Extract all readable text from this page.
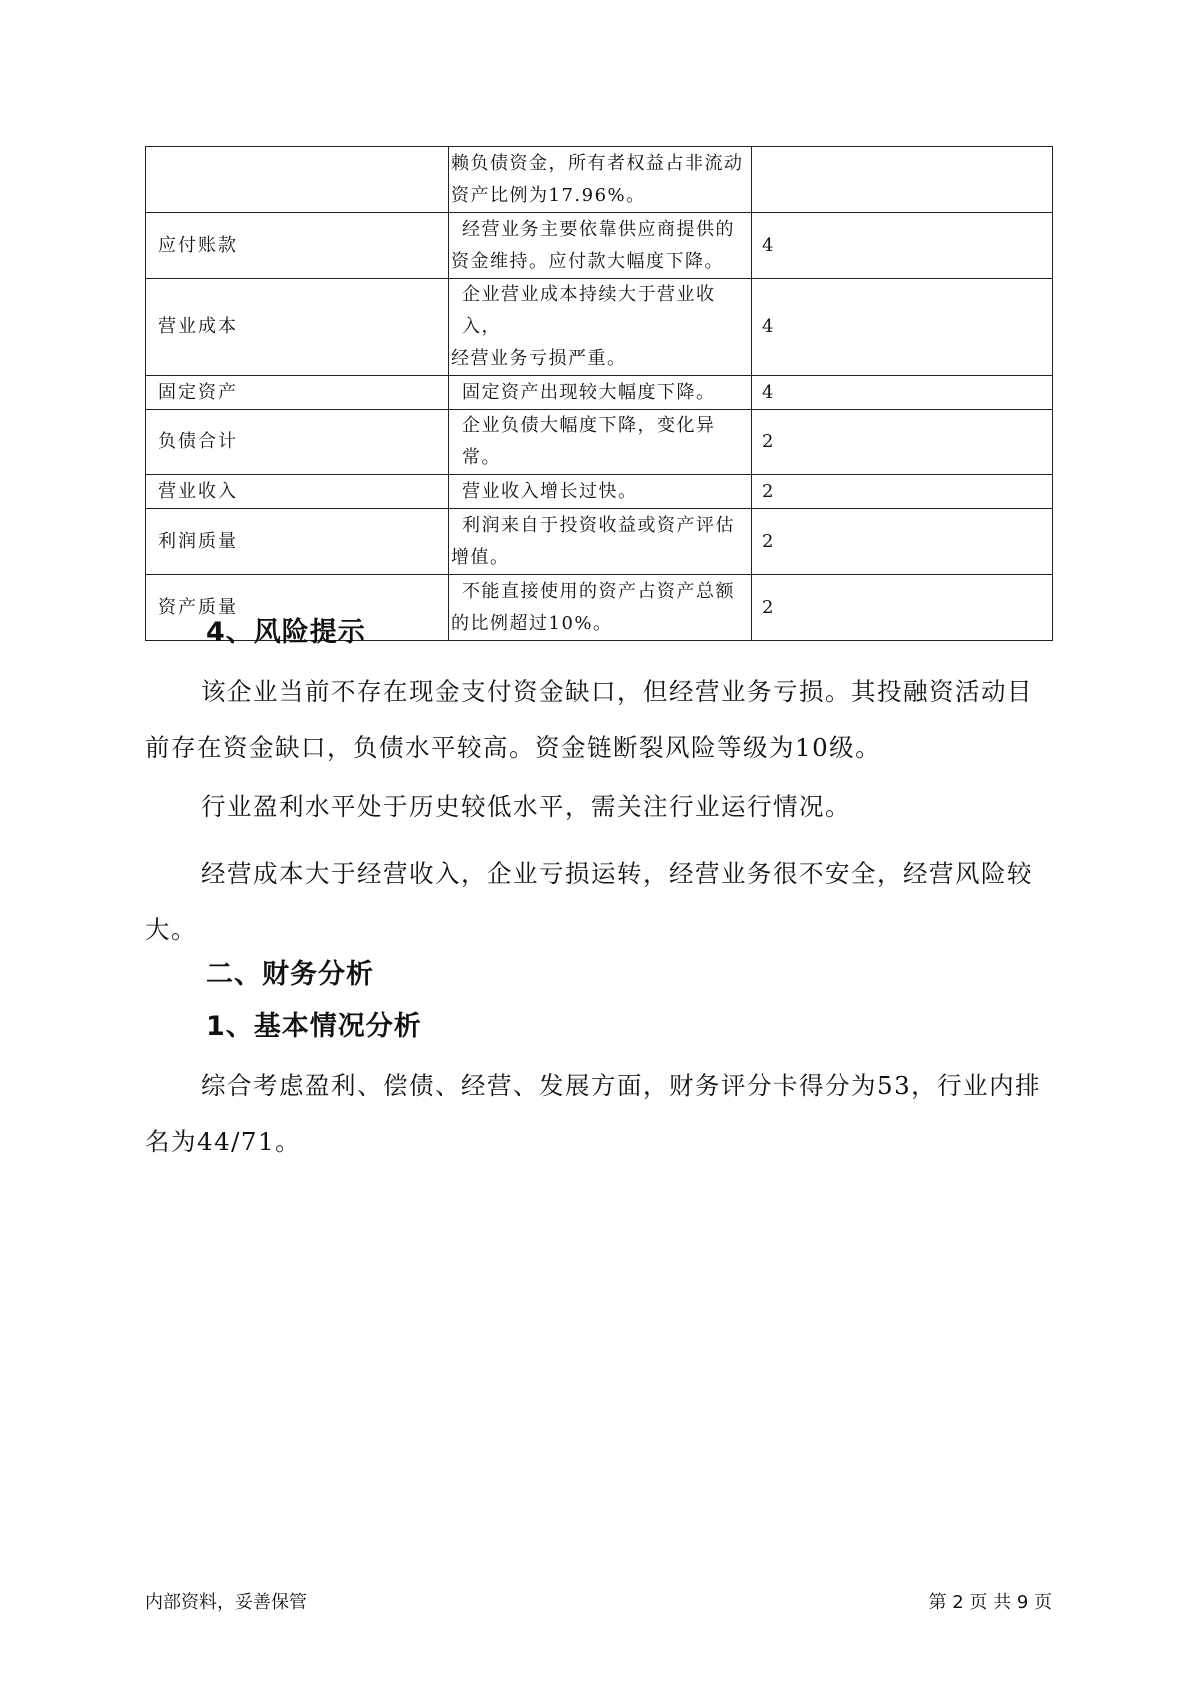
	赖负债资金，所有者权益占非流动
资产比例为17.96%。	

应付账款	经营业务主要依靠供应商提供的
资金维持。应付款大幅度下降。	4
营业成本	企业营业成本持续大于营业收入，
经营业务亏损严重。	4
固定资产	固定资产出现较大幅度下降。	4
负债合计	企业负债大幅度下降，变化异常。	2
营业收入	营业收入增长过快。	2
利润质量	利润来自于投资收益或资产评估
增值。	2
资产质量	不能直接使用的资产占资产总额
的比例超过10%。	2
4、风险提示

该企业当前不存在现金支付资金缺口，但经营业务亏损。其投融资活动目前存在资金缺口，负债水平较高。资金链断裂风险等级为10级。

行业盈利水平处于历史较低水平，需关注行业运行情况。

经营成本大于经营收入，企业亏损运转，经营业务很不安全，经营风险较大。

二、财务分析
1、基本情况分析

综合考虑盈利、偿债、经营、发展方面，财务评分卡得分为53，行业内排名为44/71。

内部资料，妥善保管	第 2 页 共 9 页
